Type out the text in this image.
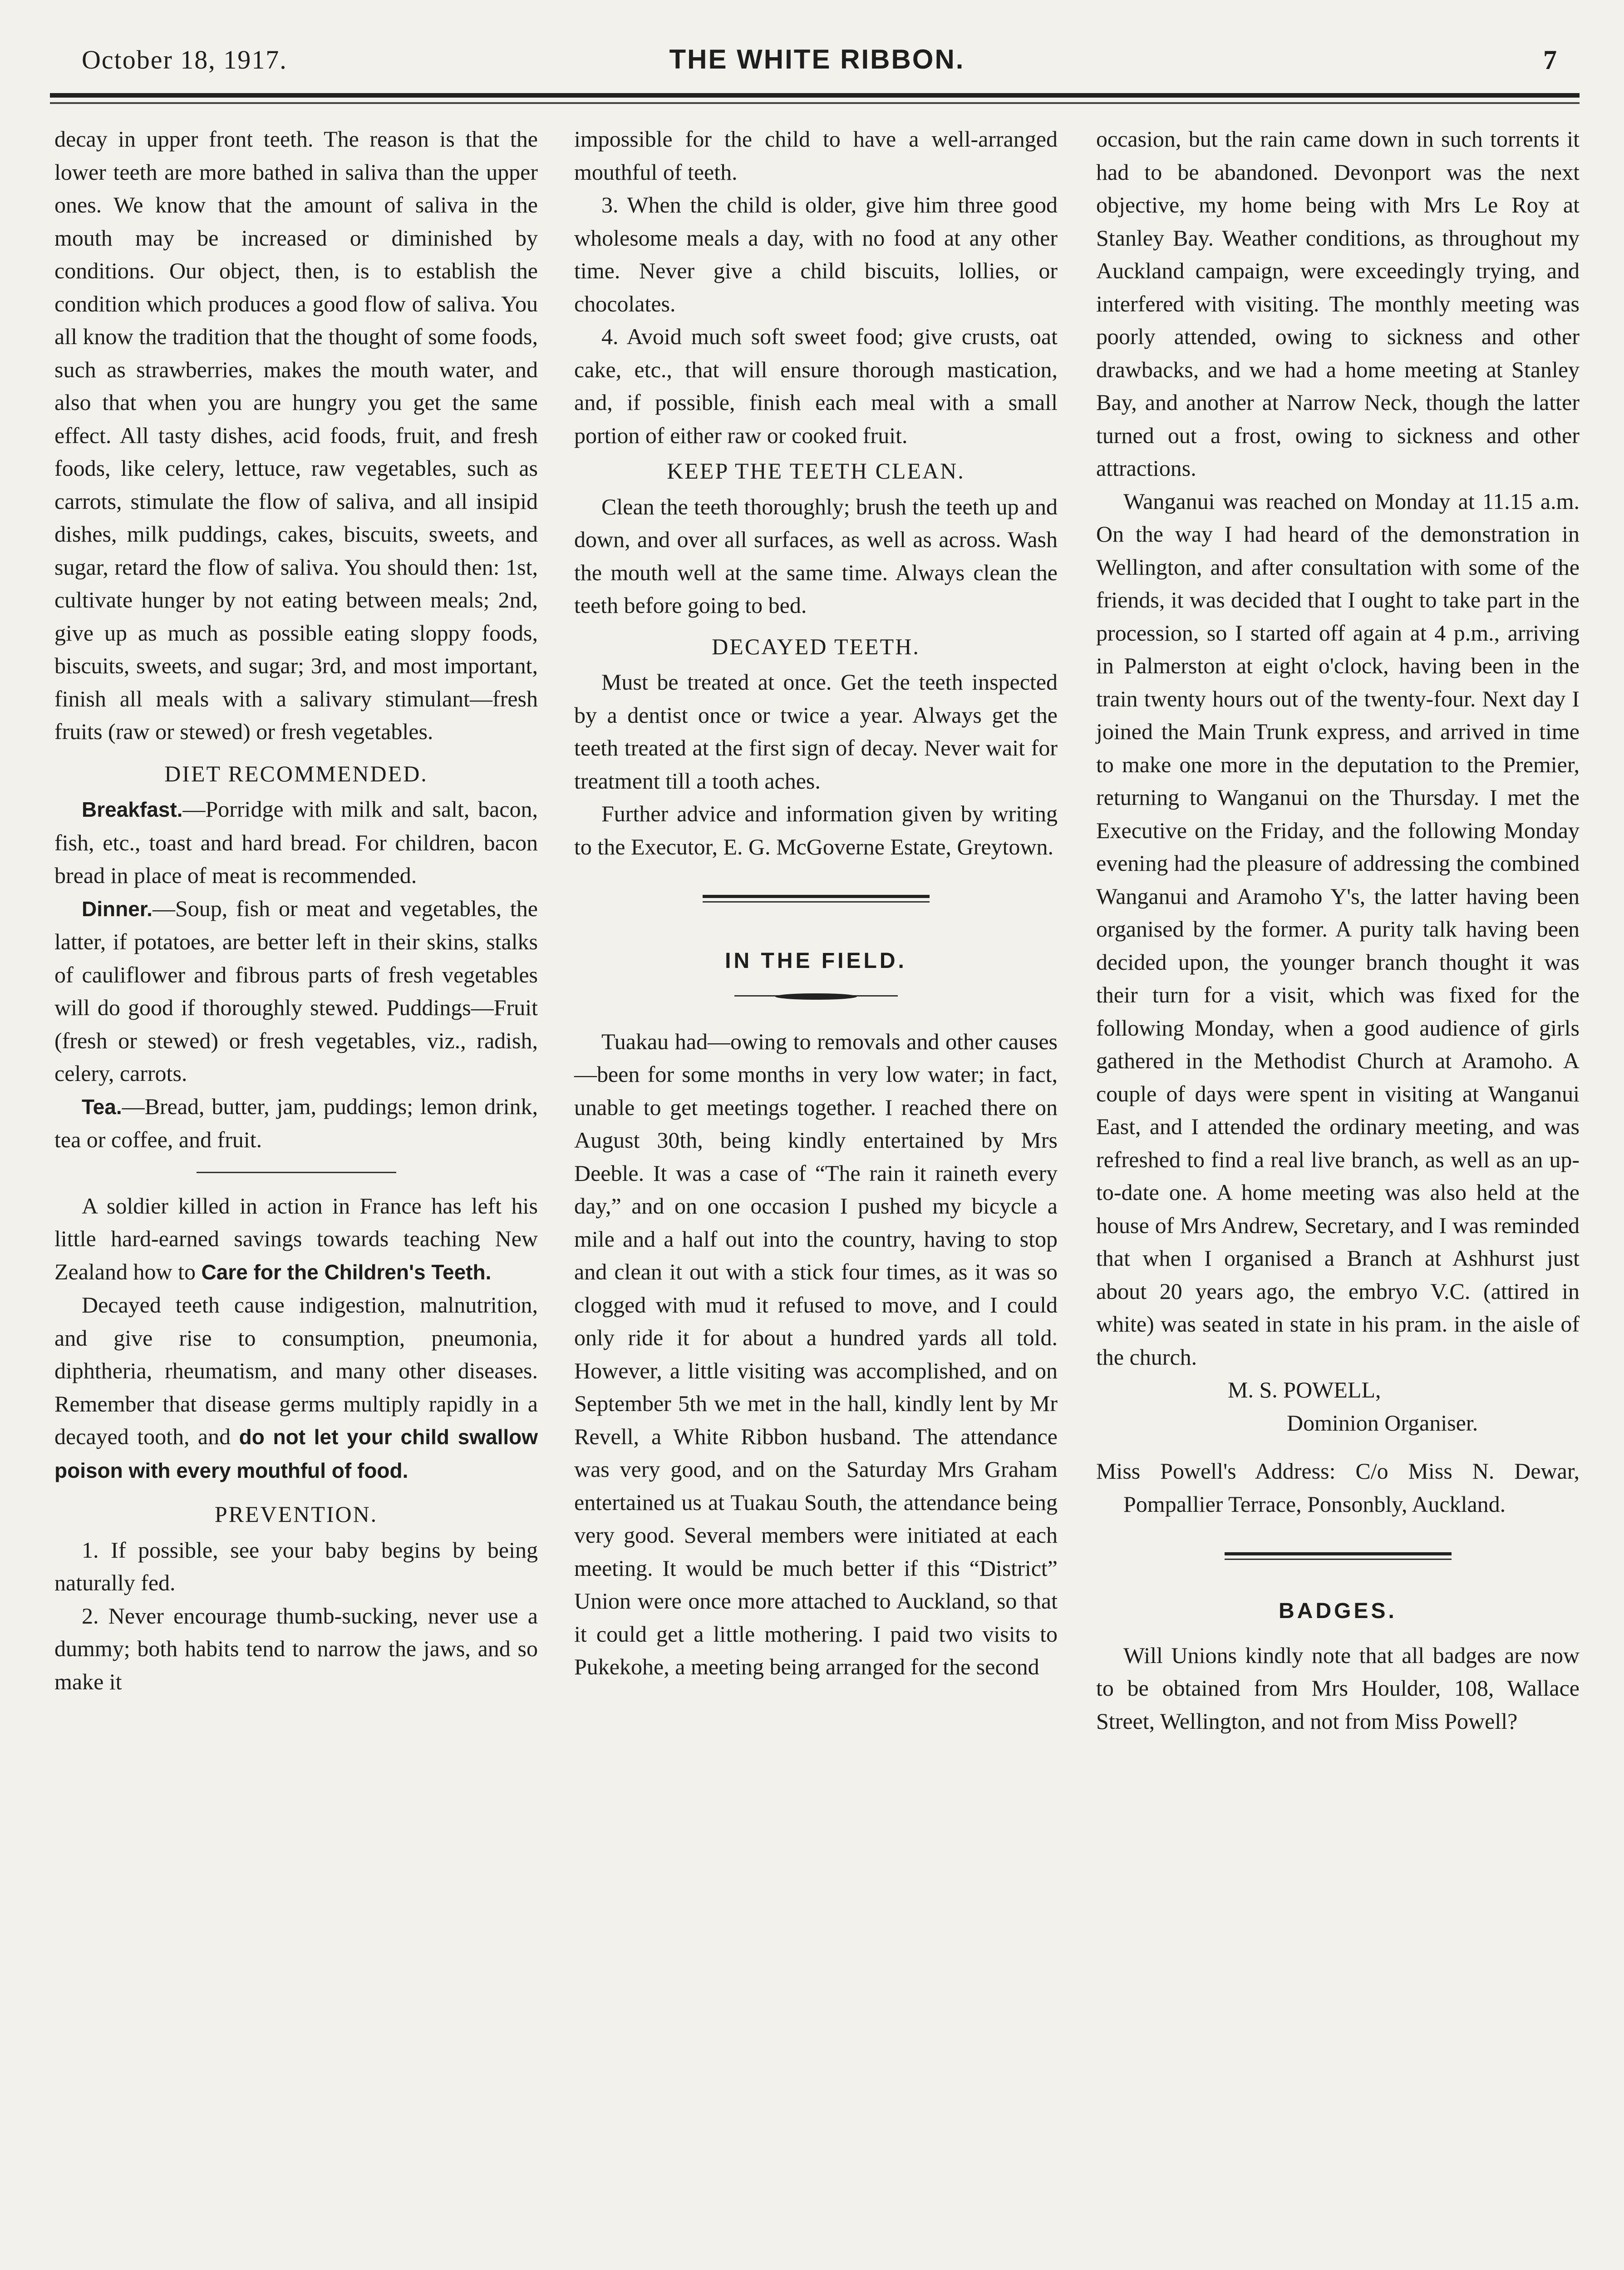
October 18, 1917.	THE WHITE RIBBON.	7

decay in upper front teeth. The reason is that the lower teeth are more bathed in saliva than the upper ones. We know that the amount of saliva in the mouth may be increased or diminished by conditions. Our object, then, is to establish the condition which produces a good flow of saliva. You all know the tradition that the thought of some foods, such as strawberries, makes the mouth water, and also that when you are hungry you get the same effect. All tasty dishes, acid foods, fruit, and fresh foods, like celery, lettuce, raw vegetables, such as carrots, stimulate the flow of saliva, and all insipid dishes, milk puddings, cakes, biscuits, sweets, and sugar, retard the flow of saliva. You should then: 1st, cultivate hunger by not eating between meals; 2nd, give up as much as possible eating sloppy foods, biscuits, sweets, and sugar; 3rd, and most important, finish all meals with a salivary stimulant—fresh fruits (raw or stewed) or fresh vegetables.

DIET RECOMMENDED.

Breakfast.—Porridge with milk and salt, bacon, fish, etc., toast and hard bread. For children, bacon bread in place of meat is recommended.

Dinner.—Soup, fish or meat and vegetables, the latter, if potatoes, are better left in their skins, stalks of cauliflower and fibrous parts of fresh vegetables will do good if thoroughly stewed. Puddings—Fruit (fresh or stewed) or fresh vegetables, viz., radish, celery, carrots.

Tea.—Bread, butter, jam, puddings; lemon drink, tea or coffee, and fruit.

A soldier killed in action in France has left his little hard-earned savings towards teaching New Zealand how to Care for the Children's Teeth.

Decayed teeth cause indigestion, malnutrition, and give rise to consumption, pneumonia, diphtheria, rheumatism, and many other diseases. Remember that disease germs multiply rapidly in a decayed tooth, and do not let your child swallow poison with every mouthful of food.

PREVENTION.

1. If possible, see your baby begins by being naturally fed.

2. Never encourage thumb-sucking, never use a dummy; both habits tend to narrow the jaws, and so make it

impossible for the child to have a well-arranged mouthful of teeth.

3. When the child is older, give him three good wholesome meals a day, with no food at any other time. Never give a child biscuits, lollies, or chocolates.

4. Avoid much soft sweet food; give crusts, oat cake, etc., that will ensure thorough mastication, and, if possible, finish each meal with a small portion of either raw or cooked fruit.

KEEP THE TEETH CLEAN.

Clean the teeth thoroughly; brush the teeth up and down, and over all surfaces, as well as across. Wash the mouth well at the same time. Always clean the teeth before going to bed.

DECAYED TEETH.

Must be treated at once. Get the teeth inspected by a dentist once or twice a year. Always get the teeth treated at the first sign of decay. Never wait for treatment till a tooth aches.

Further advice and information given by writing to the Executor, E. G. McGoverne Estate, Greytown.

IN THE FIELD.

Tuakau had—owing to removals and other causes—been for some months in very low water; in fact, unable to get meetings together. I reached there on August 30th, being kindly entertained by Mrs Deeble. It was a case of “The rain it raineth every day,” and on one occasion I pushed my bicycle a mile and a half out into the country, having to stop and clean it out with a stick four times, as it was so clogged with mud it refused to move, and I could only ride it for about a hundred yards all told. However, a little visiting was accomplished, and on September 5th we met in the hall, kindly lent by Mr Revell, a White Ribbon husband. The attendance was very good, and on the Saturday Mrs Graham entertained us at Tuakau South, the attendance being very good. Several members were initiated at each meeting. It would be much better if this “District” Union were once more attached to Auckland, so that it could get a little mothering. I paid two visits to Pukekohe, a meeting being arranged for the second

occasion, but the rain came down in such torrents it had to be abandoned. Devonport was the next objective, my home being with Mrs Le Roy at Stanley Bay. Weather conditions, as throughout my Auckland campaign, were exceedingly trying, and interfered with visiting. The monthly meeting was poorly attended, owing to sickness and other drawbacks, and we had a home meeting at Stanley Bay, and another at Narrow Neck, though the latter turned out a frost, owing to sickness and other attractions.

Wanganui was reached on Monday at 11.15 a.m. On the way I had heard of the demonstration in Wellington, and after consultation with some of the friends, it was decided that I ought to take part in the procession, so I started off again at 4 p.m., arriving in Palmerston at eight o'clock, having been in the train twenty hours out of the twenty-four. Next day I joined the Main Trunk express, and arrived in time to make one more in the deputation to the Premier, returning to Wanganui on the Thursday. I met the Executive on the Friday, and the following Monday evening had the pleasure of addressing the combined Wanganui and Aramoho Y's, the latter having been organised by the former. A purity talk having been decided upon, the younger branch thought it was their turn for a visit, which was fixed for the following Monday, when a good audience of girls gathered in the Methodist Church at Aramoho. A couple of days were spent in visiting at Wanganui East, and I attended the ordinary meeting, and was refreshed to find a real live branch, as well as an up-to-date one. A home meeting was also held at the house of Mrs Andrew, Secretary, and I was reminded that when I organised a Branch at Ashhurst just about 20 years ago, the embryo V.C. (attired in white) was seated in state in his pram. in the aisle of the church.

M. S. POWELL,

Dominion Organiser.

Miss Powell's Address: C/o Miss N. Dewar, Pompallier Terrace, Ponsonbly, Auckland.

BADGES.

Will Unions kindly note that all badges are now to be obtained from Mrs Houlder, 108, Wallace Street, Wellington, and not from Miss Powell?
